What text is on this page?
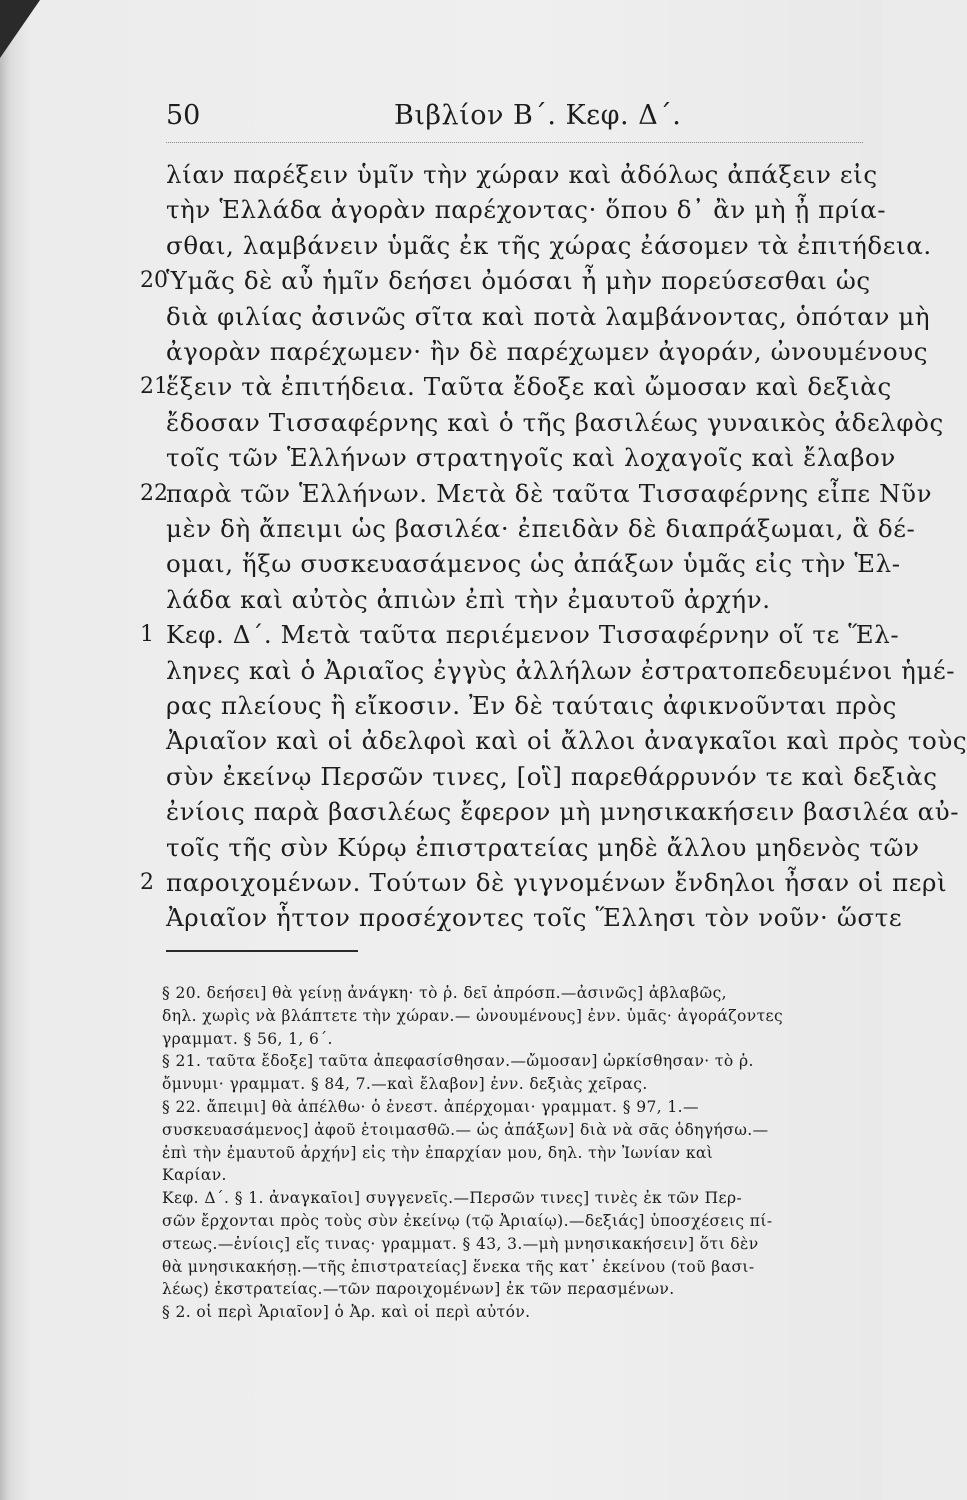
50	Βιβλίον Β΄. Κεφ. Δ΄.
λίαν παρέξειν ὑμῖν τὴν χώραν καὶ ἀδόλως ἀπάξειν εἰς
τὴν Ἑλλάδα ἀγορὰν παρέχοντας· ὅπου δ᾽ ἂν μὴ ᾖ πρία-
σθαι, λαμβάνειν ὑμᾶς ἐκ τῆς χώρας ἐάσομεν τὰ ἐπιτήδεια.
Ὑμᾶς δὲ αὖ ἡμῖν δεήσει ὀμόσαι ἦ μὴν πορεύσεσθαι ὡς
20
διὰ φιλίας ἀσινῶς σῖτα καὶ ποτὰ λαμβάνοντας, ὁπόταν μὴ
ἀγορὰν παρέχωμεν· ἢν δὲ παρέχωμεν ἀγοράν, ὠνουμένους
ἕξειν τὰ ἐπιτήδεια. Ταῦτα ἔδοξε καὶ ὤμοσαν καὶ δεξιὰς
21
ἔδοσαν Τισσαφέρνης καὶ ὁ τῆς βασιλέως γυναικὸς ἀδελφὸς
τοῖς τῶν Ἑλλήνων στρατηγοῖς καὶ λοχαγοῖς καὶ ἔλαβον
παρὰ τῶν Ἑλλήνων. Μετὰ δὲ ταῦτα Τισσαφέρνης εἶπε Νῦν
22
μὲν δὴ ἄπειμι ὡς βασιλέα· ἐπειδὰν δὲ διαπράξωμαι, ἃ δέ-
ομαι, ἥξω συσκευασάμενος ὡς ἀπάξων ὑμᾶς εἰς τὴν Ἑλ-
λάδα καὶ αὐτὸς ἀπιὼν ἐπὶ τὴν ἐμαυτοῦ ἀρχήν.
Κεφ. Δ΄. Μετὰ ταῦτα περιέμενον Τισσαφέρνην οἵ τε Ἕλ-
1
ληνες καὶ ὁ Ἀριαῖος ἐγγὺς ἀλλήλων ἐστρατοπεδευμένοι ἡμέ-
ρας πλείους ἢ εἴκοσιν. Ἐν δὲ ταύταις ἀφικνοῦνται πρὸς
Ἀριαῖον καὶ οἱ ἀδελφοὶ καὶ οἱ ἄλλοι ἀναγκαῖοι καὶ πρὸς τοὺς
σὺν ἐκείνῳ Περσῶν τινες, [οἳ] παρεθάρρυνόν τε καὶ δεξιὰς
ἐνίοις παρὰ βασιλέως ἔφερον μὴ μνησικακήσειν βασιλέα αὐ-
τοῖς τῆς σὺν Κύρῳ ἐπιστρατείας μηδὲ ἄλλου μηδενὸς τῶν
παροιχομένων. Τούτων δὲ γιγνομένων ἔνδηλοι ἦσαν οἱ περὶ
2
Ἀριαῖον ἧττον προσέχοντες τοῖς Ἕλλησι τὸν νοῦν· ὥστε
§ 20. δεήσει] θὰ γείνῃ ἀνάγκη· τὸ ῥ. δεῖ ἀπρόσπ.—ἀσινῶς] ἀβλαβῶς,
δηλ. χωρὶς νὰ βλάπτετε τὴν χώραν.— ὠνουμένους] ἐνν. ὑμᾶς· ἀγοράζοντες
γραμματ. § 56, 1, 6΄.
§ 21. ταῦτα ἔδοξε] ταῦτα ἀπεφασίσθησαν.—ὤμοσαν] ὡρκίσθησαν· τὸ ῥ.
ὄμνυμι· γραμματ. § 84, 7.—καὶ ἔλαβον] ἐνν. δεξιὰς χεῖρας.
§ 22. ἄπειμι] θὰ ἀπέλθω· ὁ ἐνεστ. ἀπέρχομαι· γραμματ. § 97, 1.—
συσκευασάμενος] ἀφοῦ ἑτοιμασθῶ.— ὡς ἀπάξων] διὰ νὰ σᾶς ὁδηγήσω.—
ἐπὶ τὴν ἐμαυτοῦ ἀρχήν] εἰς τὴν ἐπαρχίαν μου, δηλ. τὴν Ἰωνίαν καὶ
Καρίαν.
Κεφ. Δ΄. § 1. ἀναγκαῖοι] συγγενεῖς.—Περσῶν τινες] τινὲς ἐκ τῶν Περ-
σῶν ἔρχονται πρὸς τοὺς σὺν ἐκείνῳ (τῷ Ἀριαίῳ).—δεξιάς] ὑποσχέσεις πί-
στεως.—ἐνίοις] εἴς τινας· γραμματ. § 43, 3.—μὴ μνησικακήσειν] ὅτι δὲν
θὰ μνησικακήσῃ.—τῆς ἐπιστρατείας] ἕνεκα τῆς κατ᾽ ἐκείνου (τοῦ βασι-
λέως) ἐκστρατείας.—τῶν παροιχομένων] ἐκ τῶν περασμένων.
§ 2. οἱ περὶ Ἀριαῖον] ὁ Ἀρ. καὶ οἱ περὶ αὐτόν.
